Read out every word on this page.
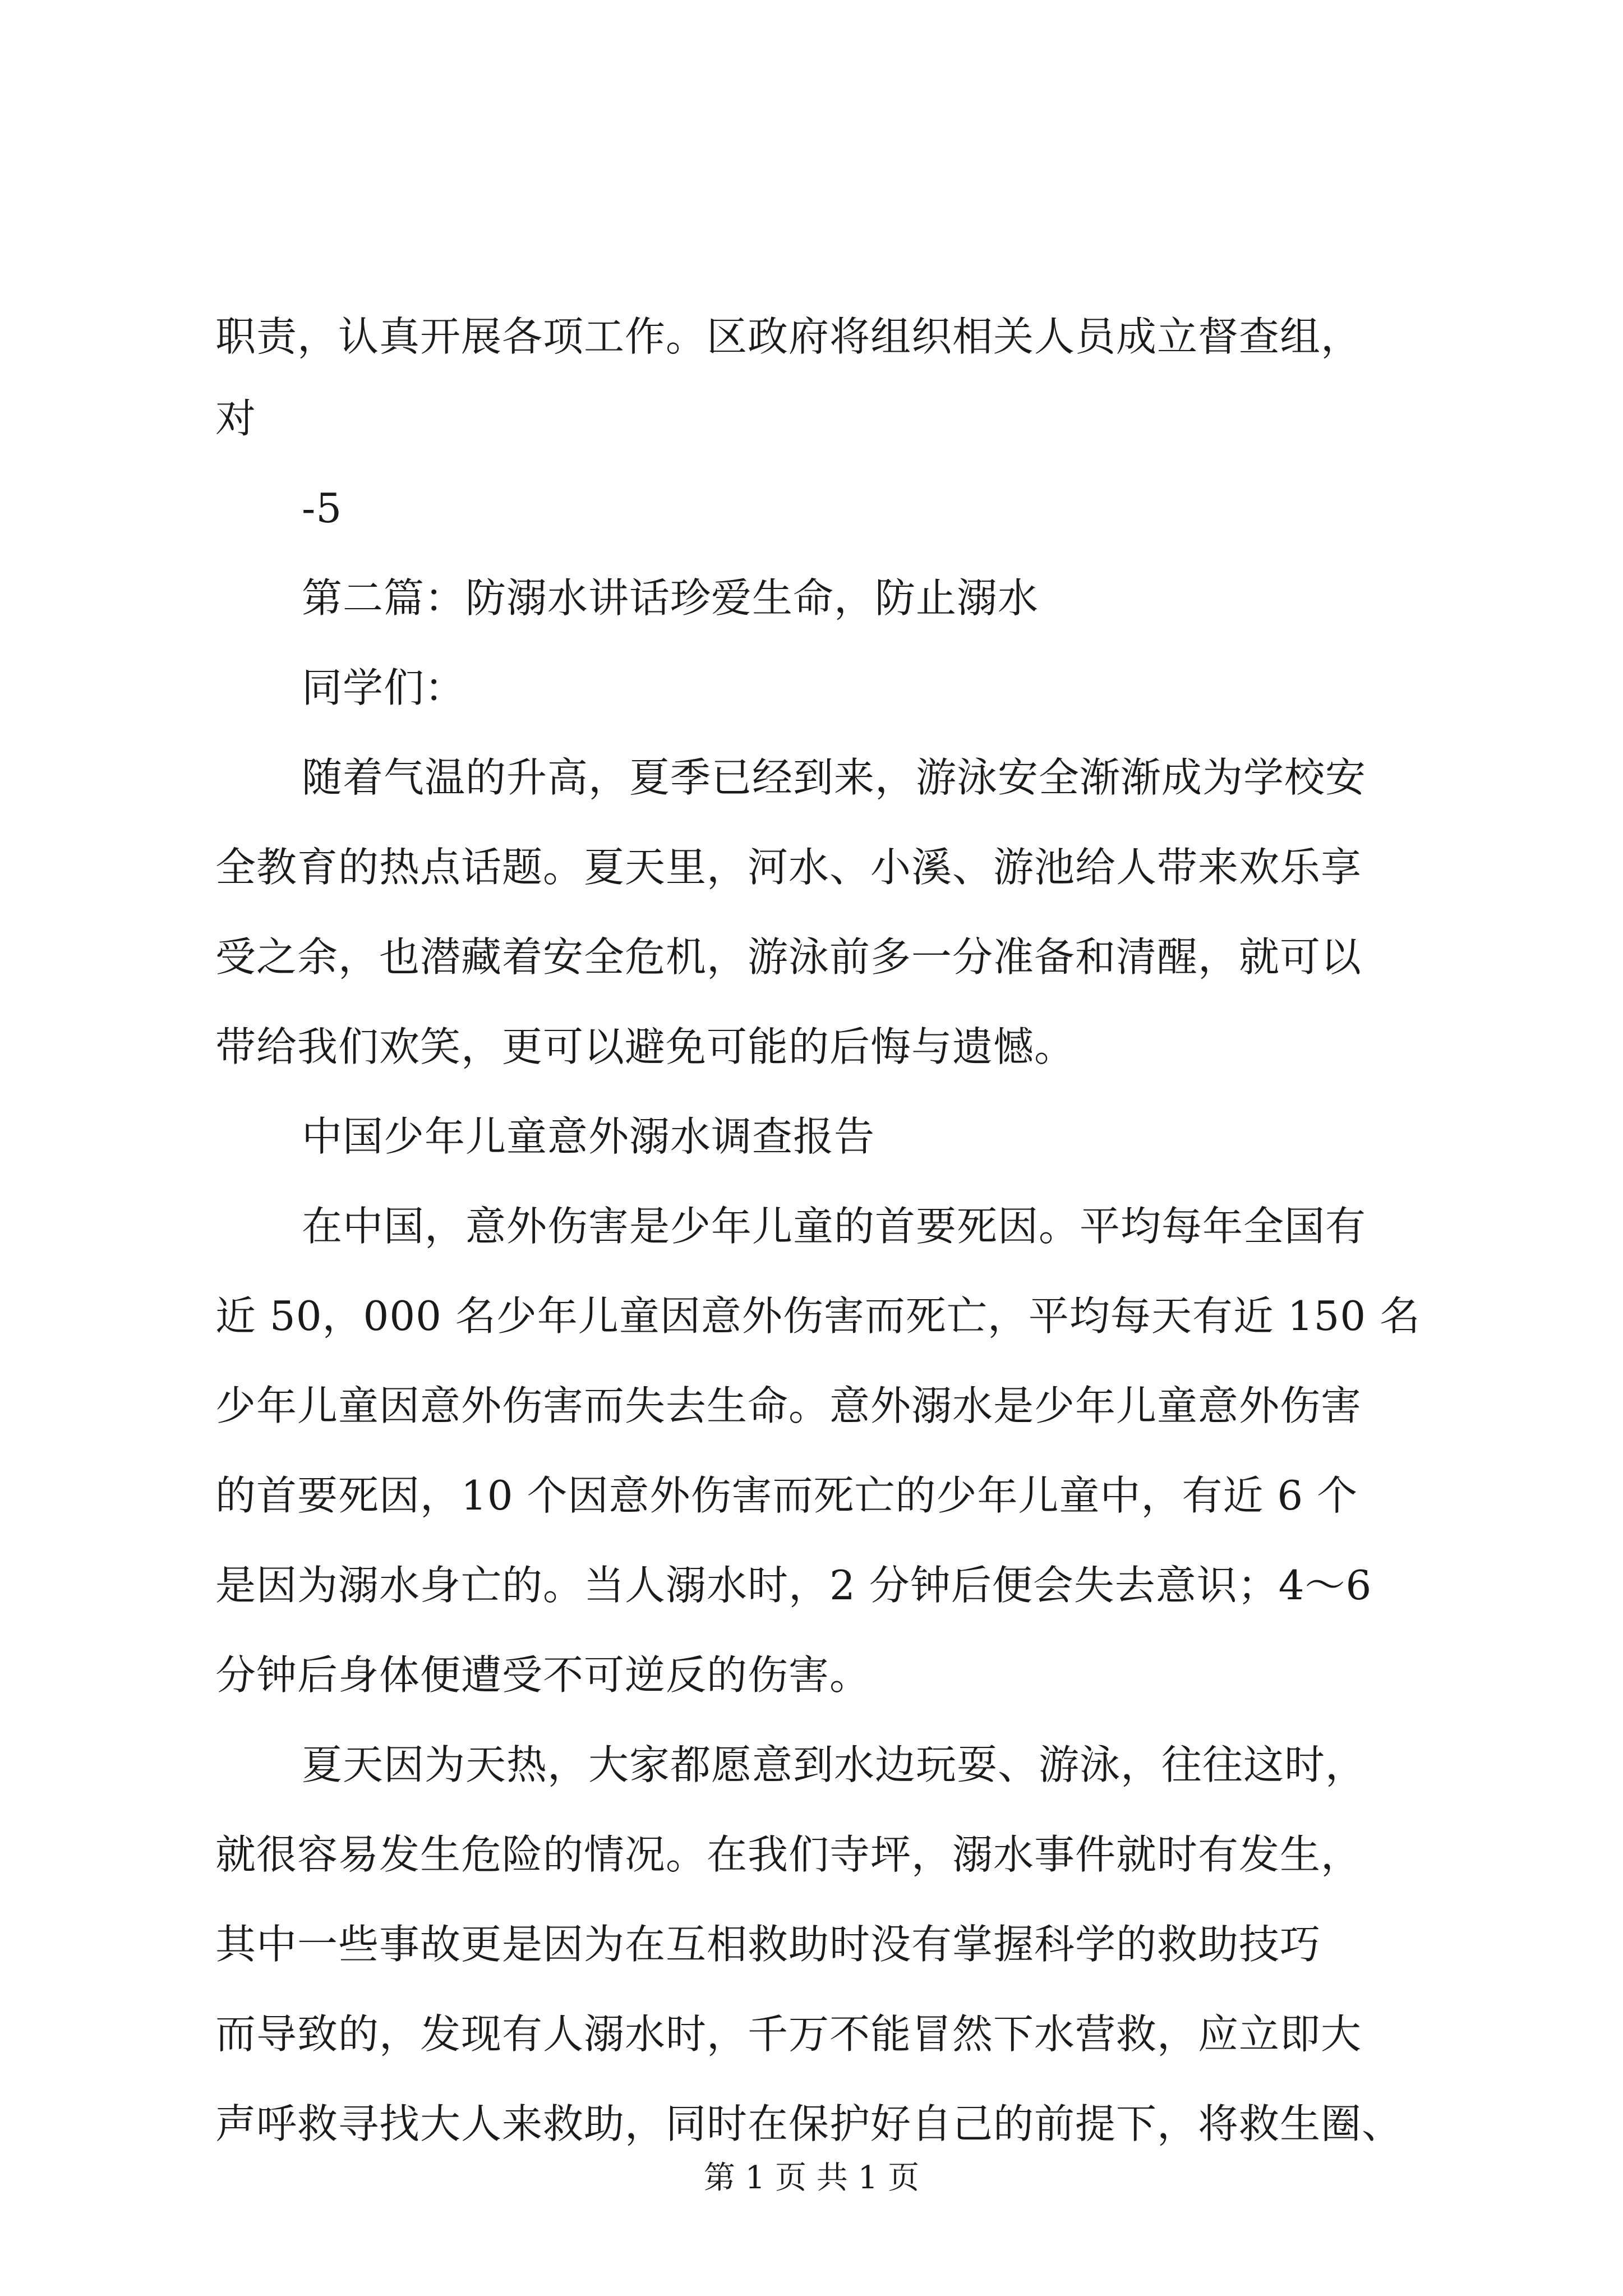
职责，认真开展各项工作。区政府将组织相关人员成立督查组，
对
-5
第二篇：防溺水讲话珍爱生命，防止溺水
同学们：
随着气温的升高，夏季已经到来，游泳安全渐渐成为学校安
全教育的热点话题。夏天里，河水、小溪、游池给人带来欢乐享
受之余，也潜藏着安全危机，游泳前多一分准备和清醒，就可以
带给我们欢笑，更可以避免可能的后悔与遗憾。
中国少年儿童意外溺水调查报告
在中国，意外伤害是少年儿童的首要死因。平均每年全国有
近 50，000 名少年儿童因意外伤害而死亡，平均每天有近 150 名
少年儿童因意外伤害而失去生命。意外溺水是少年儿童意外伤害
的首要死因，10 个因意外伤害而死亡的少年儿童中，有近 6 个
是因为溺水身亡的。当人溺水时，2 分钟后便会失去意识；4～6
分钟后身体便遭受不可逆反的伤害。
夏天因为天热，大家都愿意到水边玩耍、游泳，往往这时，
就很容易发生危险的情况。在我们寺坪，溺水事件就时有发生，
其中一些事故更是因为在互相救助时没有掌握科学的救助技巧
而导致的，发现有人溺水时，千万不能冒然下水营救，应立即大
声呼救寻找大人来救助，同时在保护好自己的前提下，将救生圈、
第 1 页 共 1 页
